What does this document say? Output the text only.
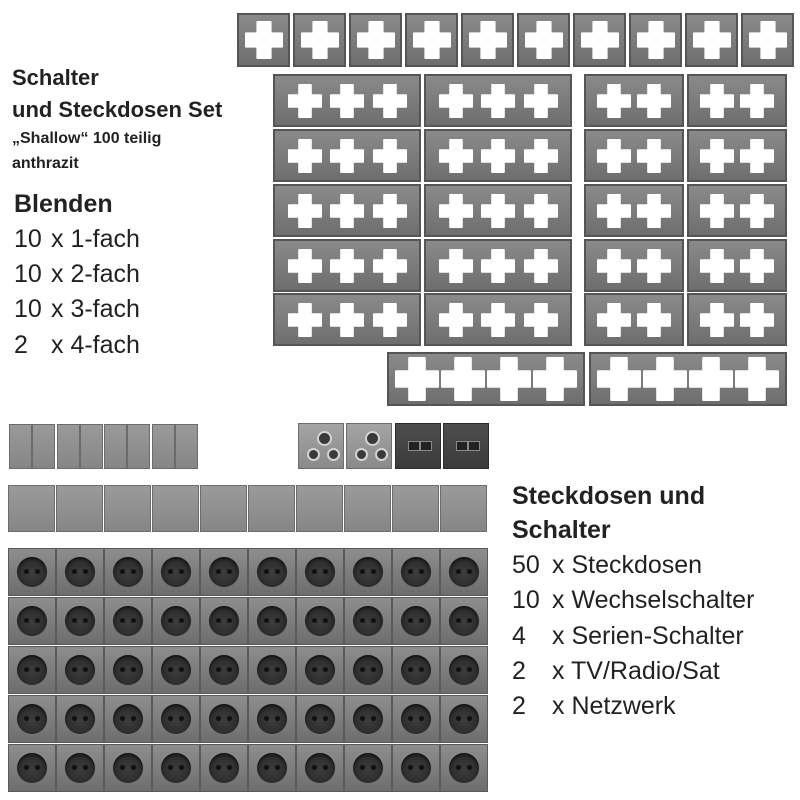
Schalter
und Steckdosen Set
„Shallow“ 100 teilig
anthrazit
Blenden
10 x 1-fach
10 x 2-fach
10 x 3-fach
2 x 4-fach
Steckdosen und
Schalter
50 x Steckdosen
10 x Wechselschalter
4 x Serien-Schalter
2 x TV/Radio/Sat
2 x Netzwerk
